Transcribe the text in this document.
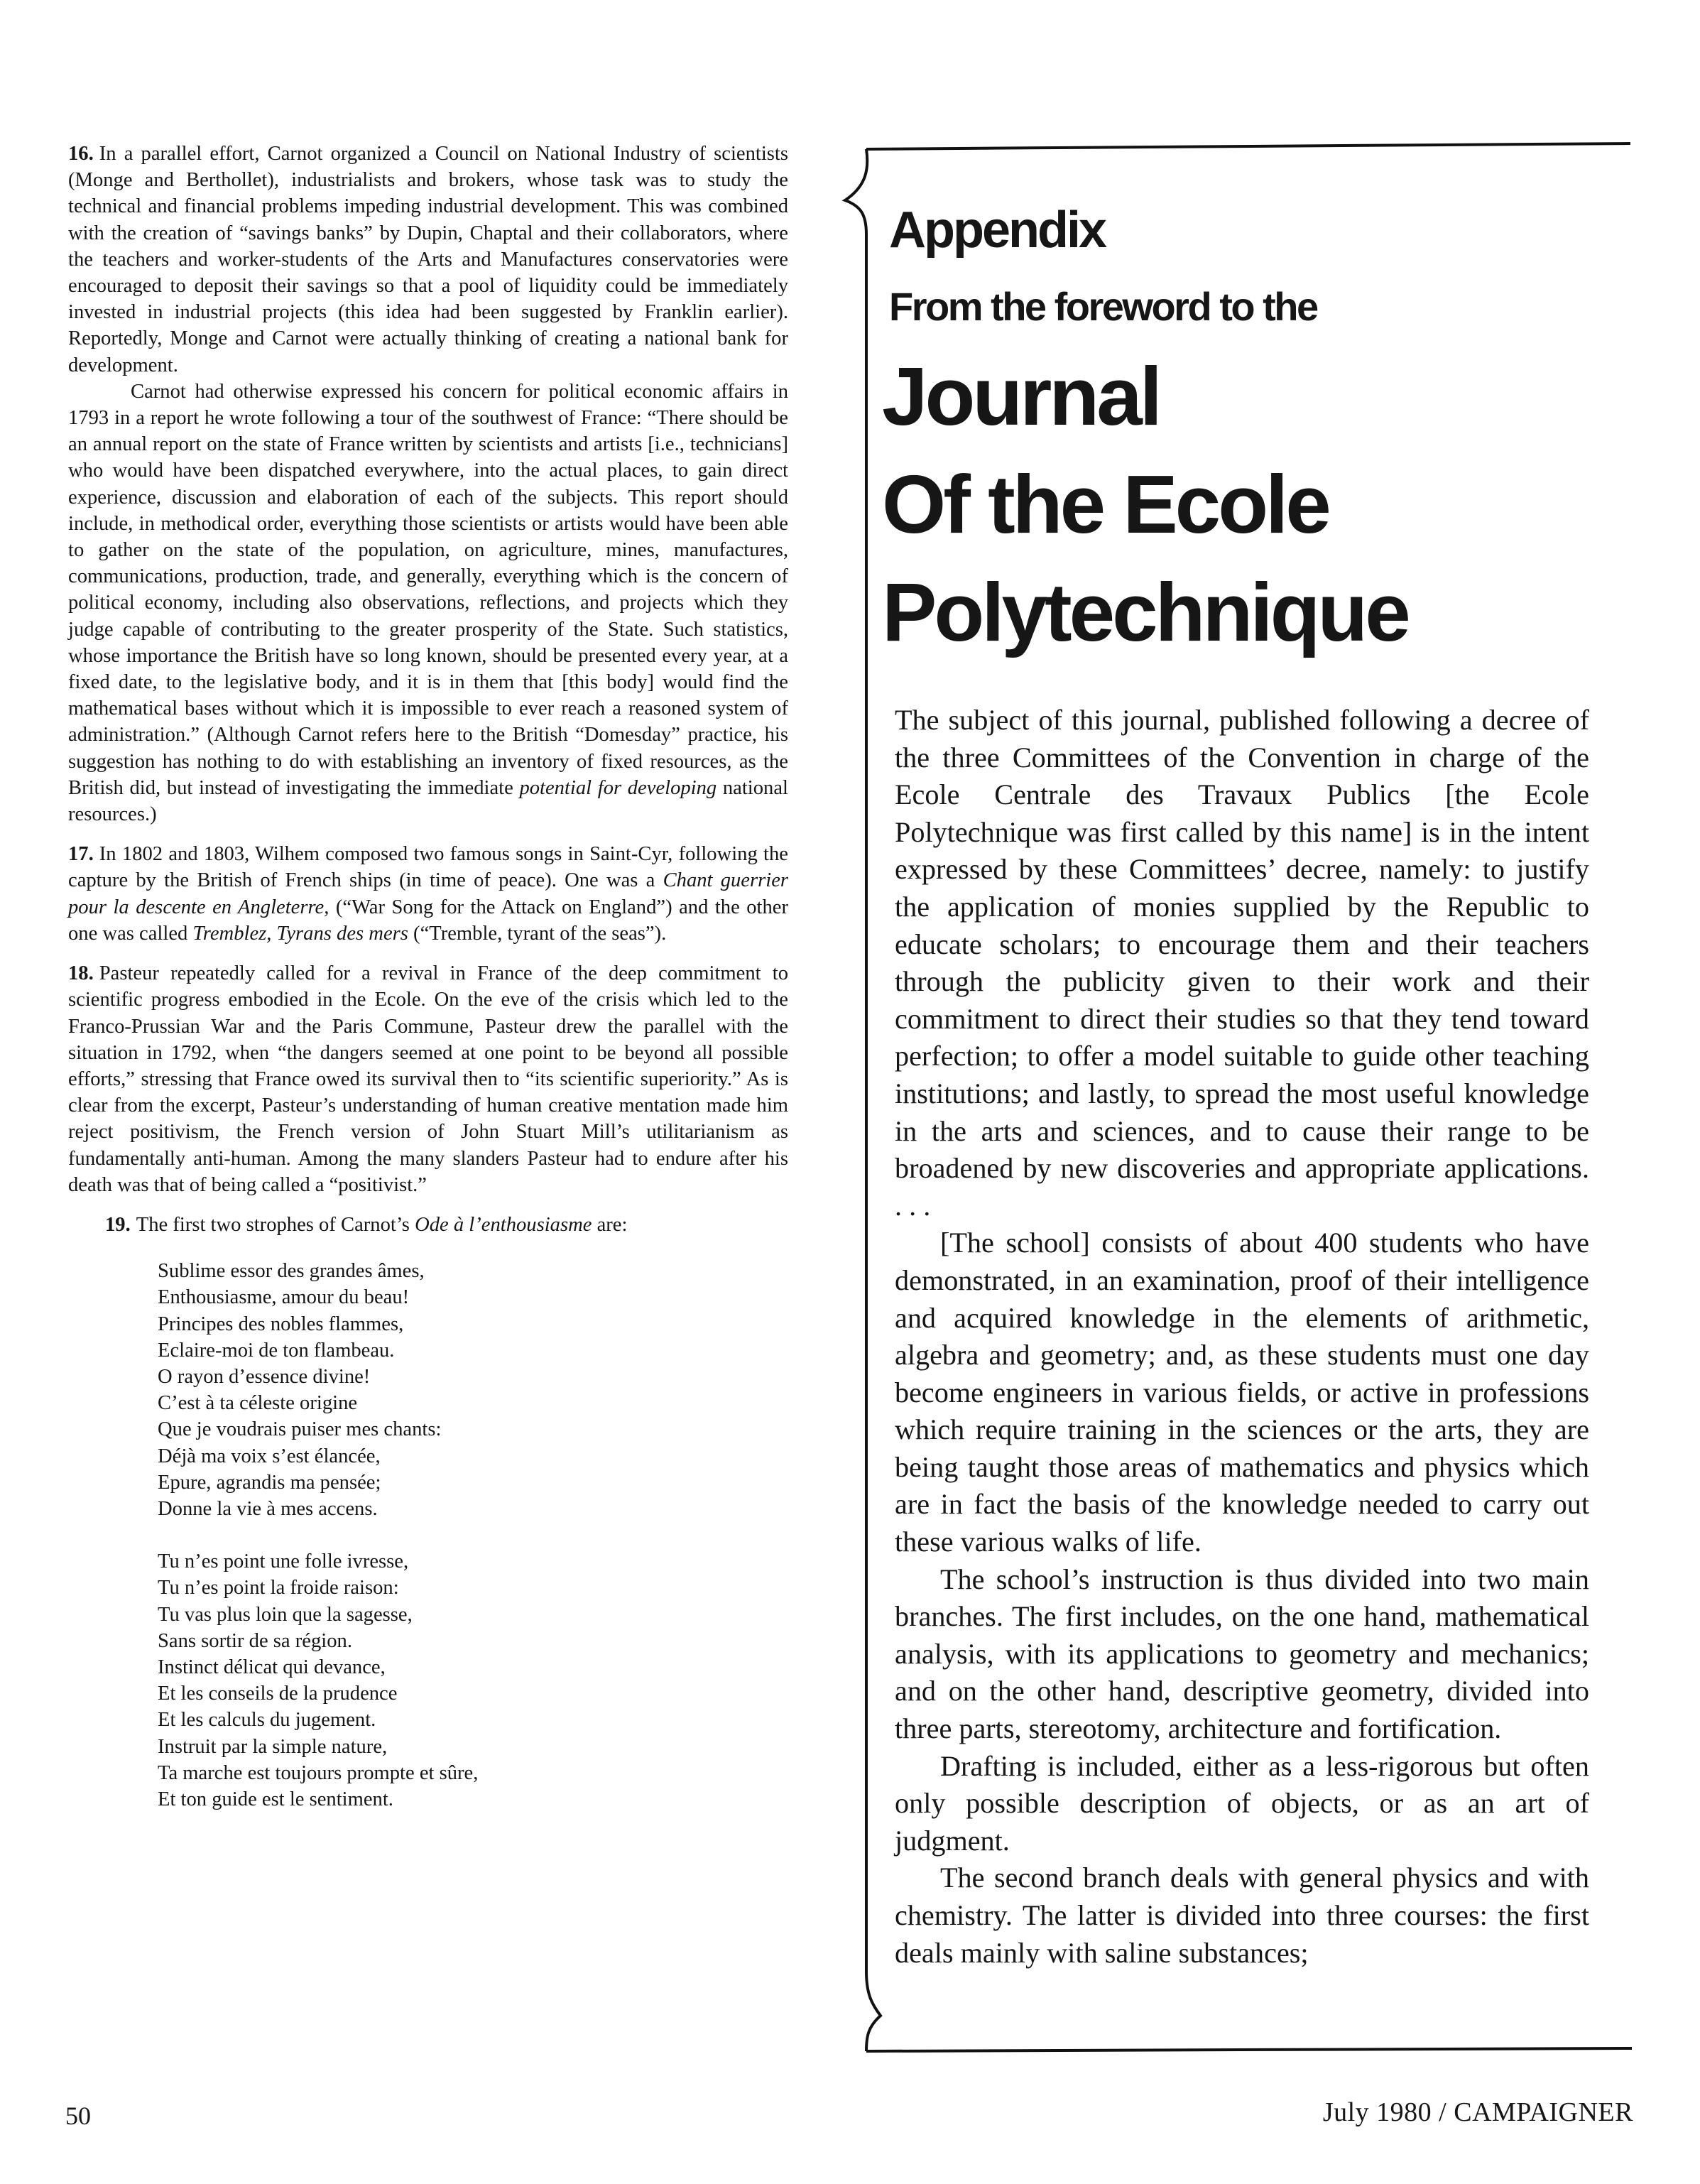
16. In a parallel effort, Carnot organized a Council on National Industry of scientists (Monge and Berthollet), industrialists and brokers, whose task was to study the technical and financial problems impeding industrial development. This was combined with the creation of “savings banks” by Dupin, Chaptal and their collaborators, where the teachers and worker-students of the Arts and Manufactures conservatories were encouraged to deposit their savings so that a pool of liquidity could be immediately invested in industrial projects (this idea had been suggested by Franklin earlier). Reportedly, Monge and Carnot were actually thinking of creating a national bank for development.

Carnot had otherwise expressed his concern for political economic affairs in 1793 in a report he wrote following a tour of the southwest of France: “There should be an annual report on the state of France written by scientists and artists [i.e., technicians] who would have been dispatched everywhere, into the actual places, to gain direct experience, discussion and elaboration of each of the subjects. This report should include, in methodical order, everything those scientists or artists would have been able to gather on the state of the population, on agriculture, mines, manufactures, communications, production, trade, and generally, everything which is the concern of political economy, including also observations, reflections, and projects which they judge capable of contributing to the greater prosperity of the State. Such statistics, whose importance the British have so long known, should be presented every year, at a fixed date, to the legislative body, and it is in them that [this body] would find the mathematical bases without which it is impossible to ever reach a reasoned system of administration.” (Although Carnot refers here to the British “Domesday” practice, his suggestion has nothing to do with establishing an inventory of fixed resources, as the British did, but instead of investigating the immediate potential for developing national resources.)

17. In 1802 and 1803, Wilhem composed two famous songs in Saint-Cyr, following the capture by the British of French ships (in time of peace). One was a Chant guerrier pour la descente en Angleterre, (“War Song for the Attack on England”) and the other one was called Tremblez, Tyrans des mers (“Tremble, tyrant of the seas”).

18. Pasteur repeatedly called for a revival in France of the deep commitment to scientific progress embodied in the Ecole. On the eve of the crisis which led to the Franco-Prussian War and the Paris Commune, Pasteur drew the parallel with the situation in 1792, when “the dangers seemed at one point to be beyond all possible efforts,” stressing that France owed its survival then to “its scientific superiority.” As is clear from the excerpt, Pasteur’s understanding of human creative mentation made him reject positivism, the French version of John Stuart Mill’s utilitarianism as fundamentally anti-human. Among the many slanders Pasteur had to endure after his death was that of being called a “positivist.”

19. The first two strophes of Carnot’s Ode à l’enthousiasme are:

Sublime essor des grandes âmes,
Enthousiasme, amour du beau!
Principes des nobles flammes,
Eclaire-moi de ton flambeau.
O rayon d’essence divine!
C’est à ta céleste origine
Que je voudrais puiser mes chants:
Déjà ma voix s’est élancée,
Epure, agrandis ma pensée;
Donne la vie à mes accens.
Tu n’es point une folle ivresse,
Tu n’es point la froide raison:
Tu vas plus loin que la sagesse,
Sans sortir de sa région.
Instinct délicat qui devance,
Et les conseils de la prudence
Et les calculs du jugement.
Instruit par la simple nature,
Ta marche est toujours prompte et sûre,
Et ton guide est le sentiment.

Appendix

From the foreword to the

Journal
Of the Ecole
Polytechnique

The subject of this journal, published following a decree of the three Committees of the Convention in charge of the Ecole Centrale des Travaux Publics [the Ecole Polytechnique was first called by this name] is in the intent expressed by these Committees’ decree, namely: to justify the application of monies supplied by the Republic to educate scholars; to encourage them and their teachers through the publicity given to their work and their commitment to direct their studies so that they tend toward perfection; to offer a model suitable to guide other teaching institutions; and lastly, to spread the most useful knowledge in the arts and sciences, and to cause their range to be broadened by new discoveries and appropriate applications. . . .

[The school] consists of about 400 students who have demonstrated, in an examination, proof of their intelligence and acquired knowledge in the elements of arithmetic, algebra and geometry; and, as these students must one day become engineers in various fields, or active in professions which require training in the sciences or the arts, they are being taught those areas of mathematics and physics which are in fact the basis of the knowledge needed to carry out these various walks of life.

The school’s instruction is thus divided into two main branches. The first includes, on the one hand, mathematical analysis, with its applications to geometry and mechanics; and on the other hand, descriptive geometry, divided into three parts, stereotomy, architecture and fortification.

Drafting is included, either as a less-rigorous but often only possible description of objects, or as an art of judgment.

The second branch deals with general physics and with chemistry. The latter is divided into three courses: the first deals mainly with saline substances;

50	July 1980 / CAMPAIGNER
